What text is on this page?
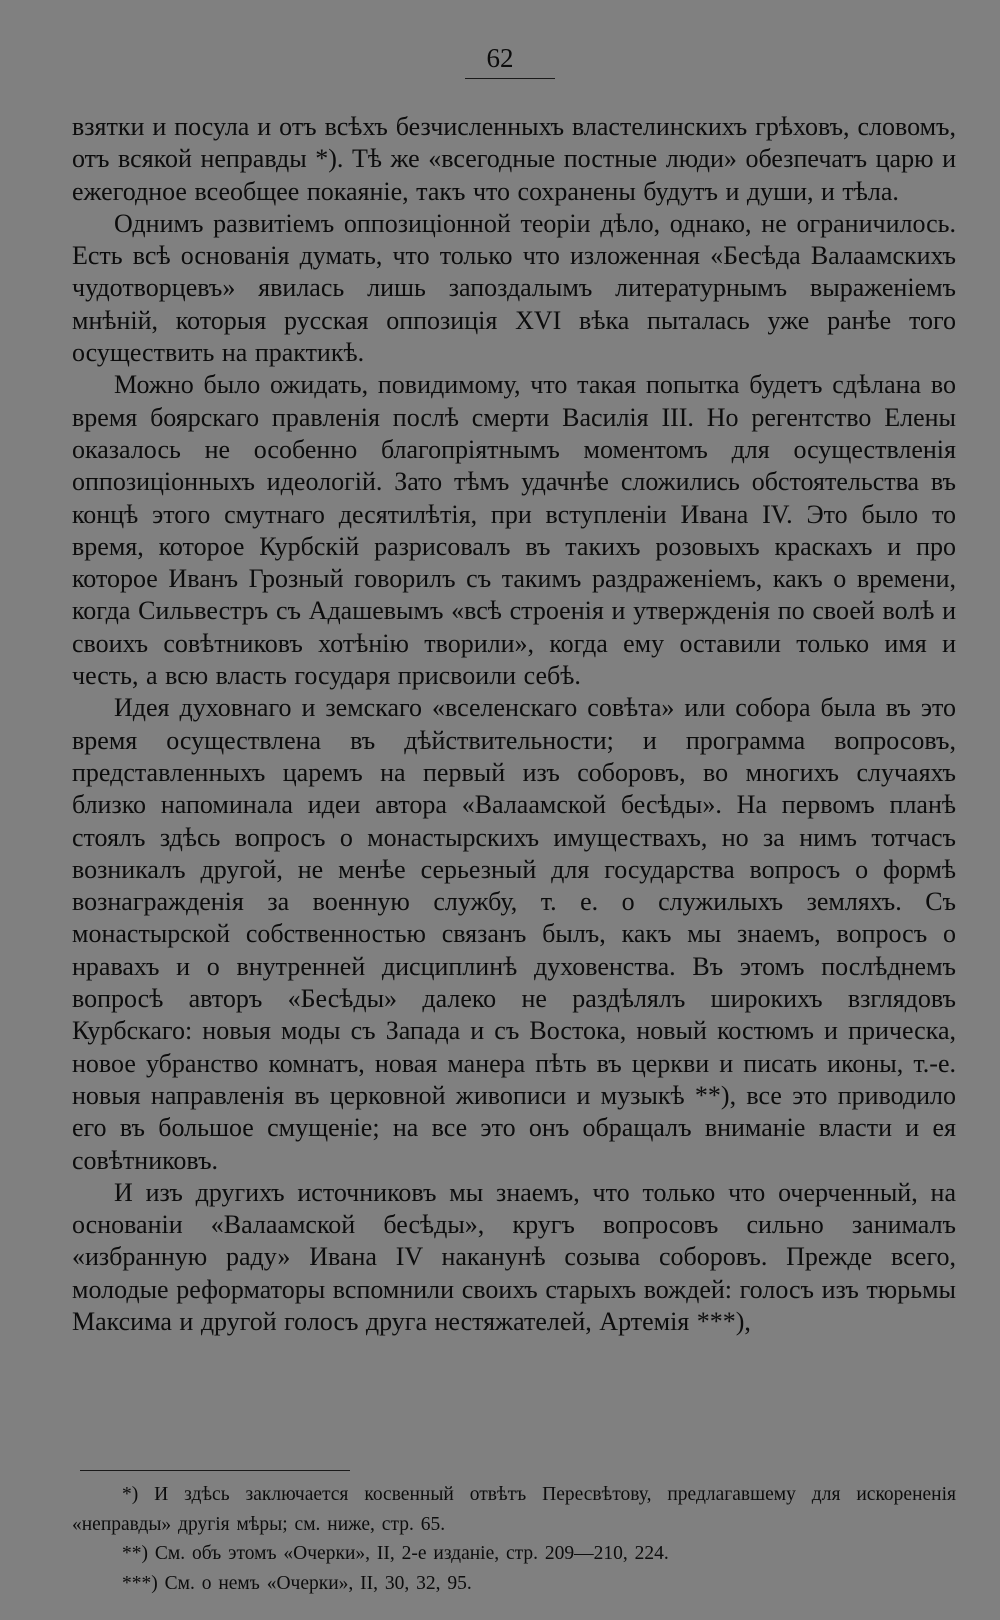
62

взятки и посула и отъ всѣхъ безчисленныхъ властелинскихъ грѣховъ, словомъ, отъ всякой неправды *). Тѣ же «всегодные постные люди» обезпечатъ царю и ежегодное всеобщее покаяніе, такъ что сохранены будутъ и души, и тѣла.

Однимъ развитіемъ оппозиціонной теоріи дѣло, однако, не ограничилось. Есть всѣ основанія думать, что только что изложенная «Бесѣда Валаамскихъ чудотворцевъ» явилась лишь запоздалымъ литературнымъ выраженіемъ мнѣній, которыя русская оппозиція XVI вѣка пыталась уже ранѣе того осуществить на практикѣ.

Можно было ожидать, повидимому, что такая попытка будетъ сдѣлана во время боярскаго правленія послѣ смерти Василія III. Но регентство Елены оказалось не особенно благопріятнымъ моментомъ для осуществленія оппозиціонныхъ идеологій. Зато тѣмъ удачнѣе сложились обстоятельства въ концѣ этого смутнаго десятилѣтія, при вступленіи Ивана IV. Это было то время, которое Курбскій разрисовалъ въ такихъ розовыхъ краскахъ и про которое Иванъ Грозный говорилъ съ такимъ раздраженіемъ, какъ о времени, когда Сильвестръ съ Адашевымъ «всѣ строенія и утвержденія по своей волѣ и своихъ совѣтниковъ хотѣнію творили», когда ему оставили только имя и честь, а всю власть государя присвоили себѣ.

Идея духовнаго и земскаго «вселенскаго совѣта» или собора была въ это время осуществлена въ дѣйствительности; и программа вопросовъ, представленныхъ царемъ на первый изъ соборовъ, во многихъ случаяхъ близко напоминала идеи автора «Валаамской бесѣды». На первомъ планѣ стоялъ здѣсь вопросъ о монастырскихъ имуществахъ, но за нимъ тотчасъ возникалъ другой, не менѣе серьезный для государства вопросъ о формѣ вознагражденія за военную службу, т. е. о служилыхъ земляхъ. Съ монастырской собственностью связанъ былъ, какъ мы знаемъ, вопросъ о нравахъ и о внутренней дисциплинѣ духовенства. Въ этомъ послѣднемъ вопросѣ авторъ «Бесѣды» далеко не раздѣлялъ широкихъ взглядовъ Курбскаго: новыя моды съ Запада и съ Востока, новый костюмъ и прическа, новое убранство комнатъ, новая манера пѣть въ церкви и писать иконы, т.-е. новыя направленія въ церковной живописи и музыкѣ **), все это приводило его въ большое смущеніе; на все это онъ обращалъ вниманіе власти и ея совѣтниковъ.

И изъ другихъ источниковъ мы знаемъ, что только что очерченный, на основаніи «Валаамской бесѣды», кругъ вопросовъ сильно занималъ «избранную раду» Ивана IV наканунѣ созыва соборовъ. Прежде всего, молодые реформаторы вспомнили своихъ старыхъ вождей: голосъ изъ тюрьмы Максима и другой голосъ друга нестяжателей, Артемія ***),

*) И здѣсь заключается косвенный отвѣтъ Пересвѣтову, предлагавшему для искорененія «неправды» другія мѣры; см. ниже, стр. 65.

**) См. объ этомъ «Очерки», II, 2-е изданіе, стр. 209—210, 224.

***) См. о немъ «Очерки», II, 30, 32, 95.
